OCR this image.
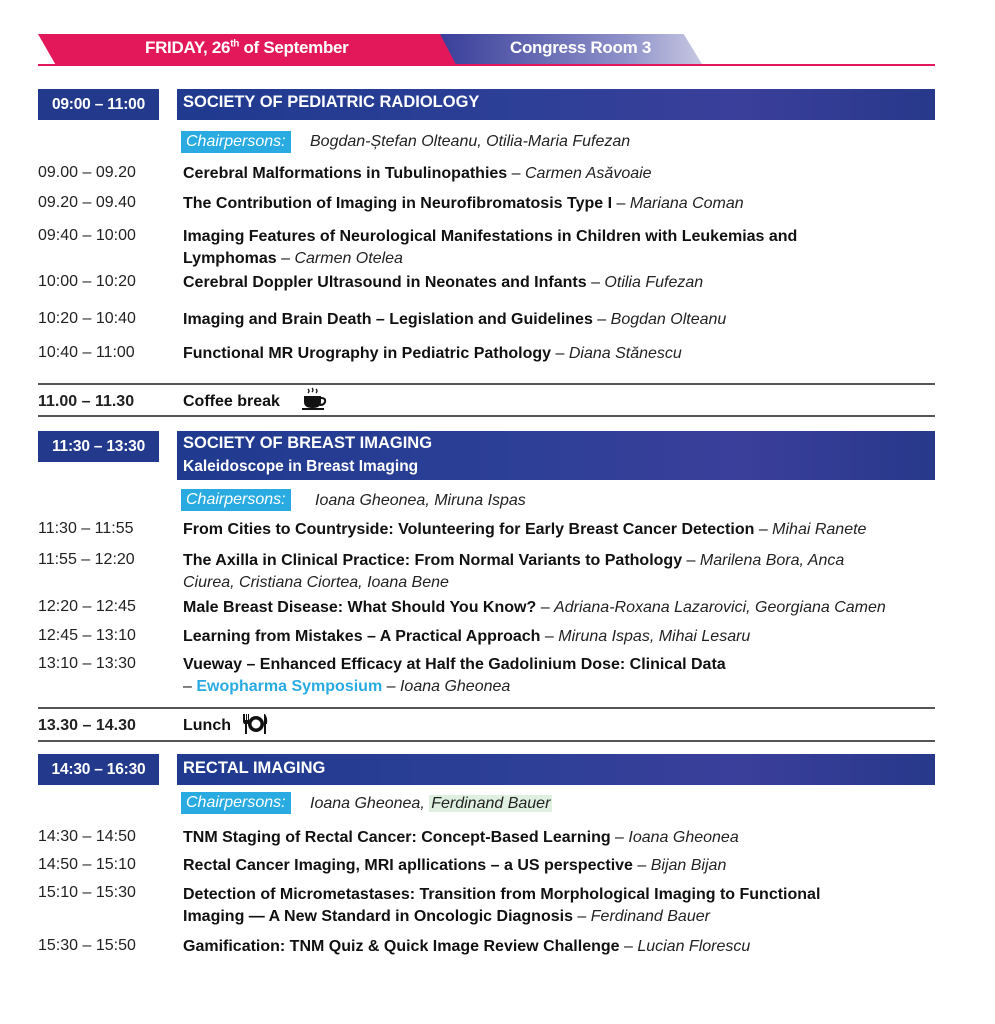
FRIDAY, 26th of September	Congress Room 3
09:00 – 11:00	SOCIETY OF PEDIATRIC RADIOLOGY
Chairpersons:	Bogdan-Ștefan Olteanu, Otilia-Maria Fufezan
09.00 – 09.20	Cerebral Malformations in Tubulinopathies – Carmen Asăvoaie
09.20 – 09.40	The Contribution of Imaging in Neurofibromatosis Type I – Mariana Coman
09:40 – 10:00	Imaging Features of Neurological Manifestations in Children with Leukemias and
Lymphomas – Carmen Otelea
10:00 – 10:20	Cerebral Doppler Ultrasound in Neonates and Infants – Otilia Fufezan
10:20 – 10:40	Imaging and Brain Death – Legislation and Guidelines – Bogdan Olteanu
10:40 – 11:00	Functional MR Urography in Pediatric Pathology – Diana Stănescu
11.00 – 11.30	Coffee break
11:30 – 13:30	SOCIETY OF BREAST IMAGING
Kaleidoscope in Breast Imaging
Chairpersons:	Ioana Gheonea, Miruna Ispas
11:30 – 11:55	From Cities to Countryside: Volunteering for Early Breast Cancer Detection – Mihai Ranete
11:55 – 12:20	The Axilla in Clinical Practice: From Normal Variants to Pathology – Marilena Bora, Anca
Ciurea, Cristiana Ciortea, Ioana Bene
12:20 – 12:45	Male Breast Disease: What Should You Know? – Adriana-Roxana Lazarovici, Georgiana Camen
12:45 – 13:10	Learning from Mistakes – A Practical Approach – Miruna Ispas, Mihai Lesaru
13:10 – 13:30	Vueway – Enhanced Efficacy at Half the Gadolinium Dose: Clinical Data
– Ewopharma Symposium – Ioana Gheonea
13.30 – 14.30	Lunch
14:30 – 16:30	RECTAL IMAGING
Chairpersons:	Ioana Gheonea, Ferdinand Bauer
14:30 – 14:50	TNM Staging of Rectal Cancer: Concept-Based Learning – Ioana Gheonea
14:50 – 15:10	Rectal Cancer Imaging, MRI apllications – a US perspective – Bijan Bijan
15:10 – 15:30	Detection of Micrometastases: Transition from Morphological Imaging to Functional
Imaging — A New Standard in Oncologic Diagnosis – Ferdinand Bauer
15:30 – 15:50	Gamification: TNM Quiz & Quick Image Review Challenge – Lucian Florescu
